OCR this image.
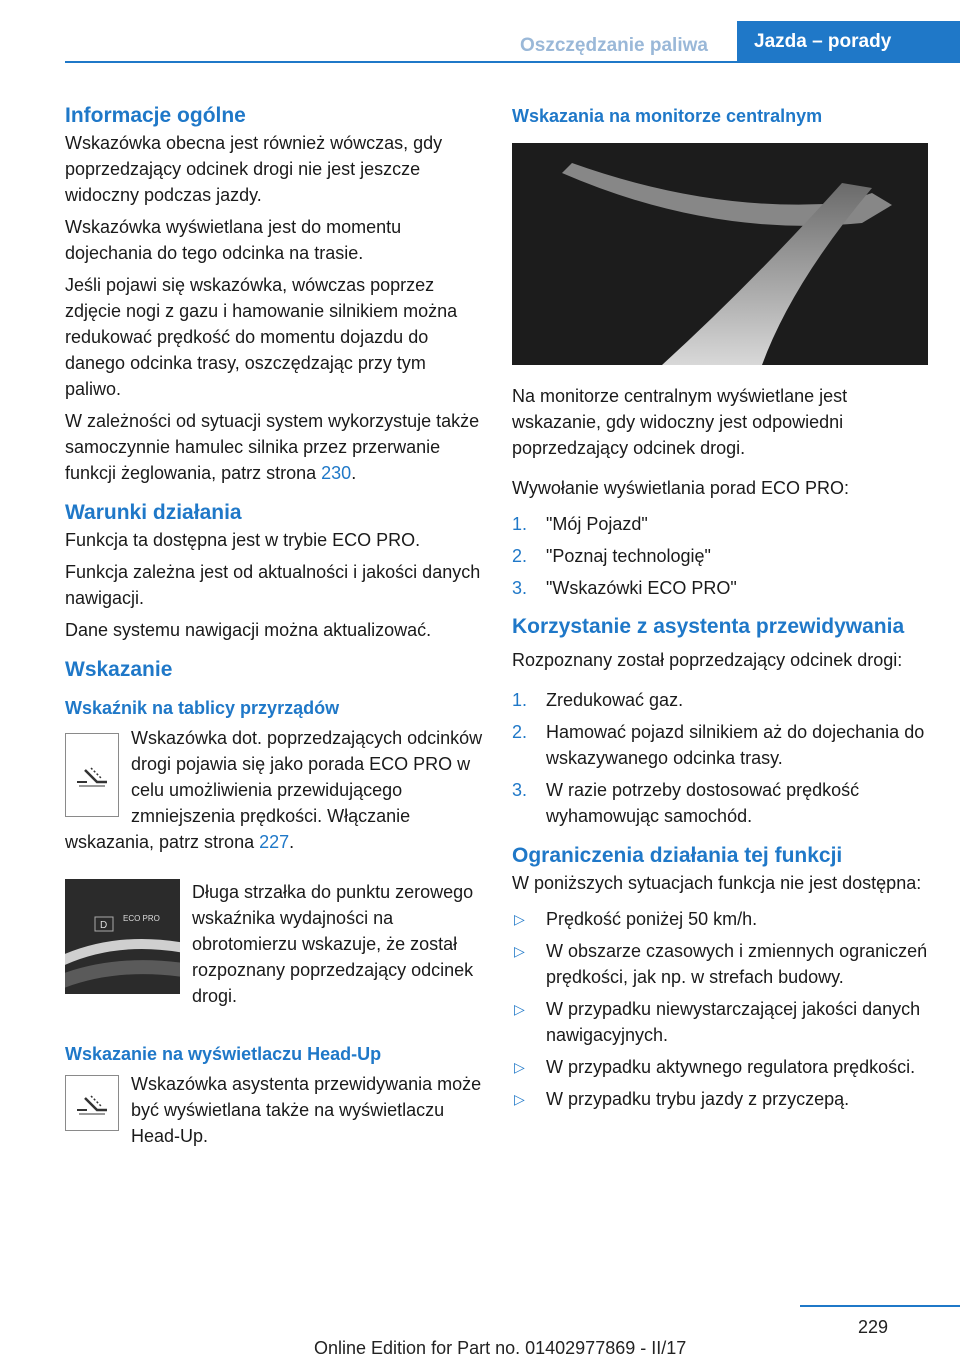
Oszczędzanie paliwa	Jazda – porady
Informacje ogólne
Wskazówka obecna jest również wówczas, gdy poprzedzający odcinek drogi nie jest jeszcze widoczny podczas jazdy.
Wskazówka wyświetlana jest do momentu dojechania do tego odcinka na trasie.
Jeśli pojawi się wskazówka, wówczas poprzez zdjęcie nogi z gazu i hamowanie silnikiem można redukować prędkość do momentu dojazdu do danego odcinka trasy, oszczędzając przy tym paliwo.
W zależności od sytuacji system wykorzystuje także samoczynnie hamulec silnika przez przerwanie funkcji żeglowania, patrz strona 230.
Warunki działania
Funkcja ta dostępna jest w trybie ECO PRO.
Funkcja zależna jest od aktualności i jakości danych nawigacji.
Dane systemu nawigacji można aktualizować.
Wskazanie
Wskaźnik na tablicy przyrządów
Wskazówka dot. poprzedzających odcinków drogi pojawia się jako porada ECO PRO w celu umożliwienia przewidującego zmniejszenia prędkości. Włączanie wskazania, patrz strona 227.
D
ECO PRO
Długa strzałka do punktu zerowego wskaźnika wydajności na obrotomierzu wskazuje, że został rozpoznany poprzedzający odcinek drogi.
Wskazanie na wyświetlaczu Head-Up
Wskazówka asystenta przewidywania może być wyświetlana także na wyświetlaczu Head-Up.
Wskazania na monitorze centralnym
Na monitorze centralnym wyświetlane jest wskazanie, gdy widoczny jest odpowiedni poprzedzający odcinek drogi.
Wywołanie wyświetlania porad ECO PRO:
1. "Mój Pojazd"
2. "Poznaj technologię"
3. "Wskazówki ECO PRO"
Korzystanie z asystenta przewidywania
Rozpoznany został poprzedzający odcinek drogi:
1. Zredukować gaz.
2. Hamować pojazd silnikiem aż do dojechania do wskazywanego odcinka trasy.
3. W razie potrzeby dostosować prędkość wyhamowując samochód.
Ograniczenia działania tej funkcji
W poniższych sytuacjach funkcja nie jest dostępna:
▷ Prędkość poniżej 50 km/h.
▷ W obszarze czasowych i zmiennych ograniczeń prędkości, jak np. w strefach budowy.
▷ W przypadku niewystarczającej jakości danych nawigacyjnych.
▷ W przypadku aktywnego regulatora prędkości.
▷ W przypadku trybu jazdy z przyczepą.
229
Online Edition for Part no. 01402977869 - II/17
